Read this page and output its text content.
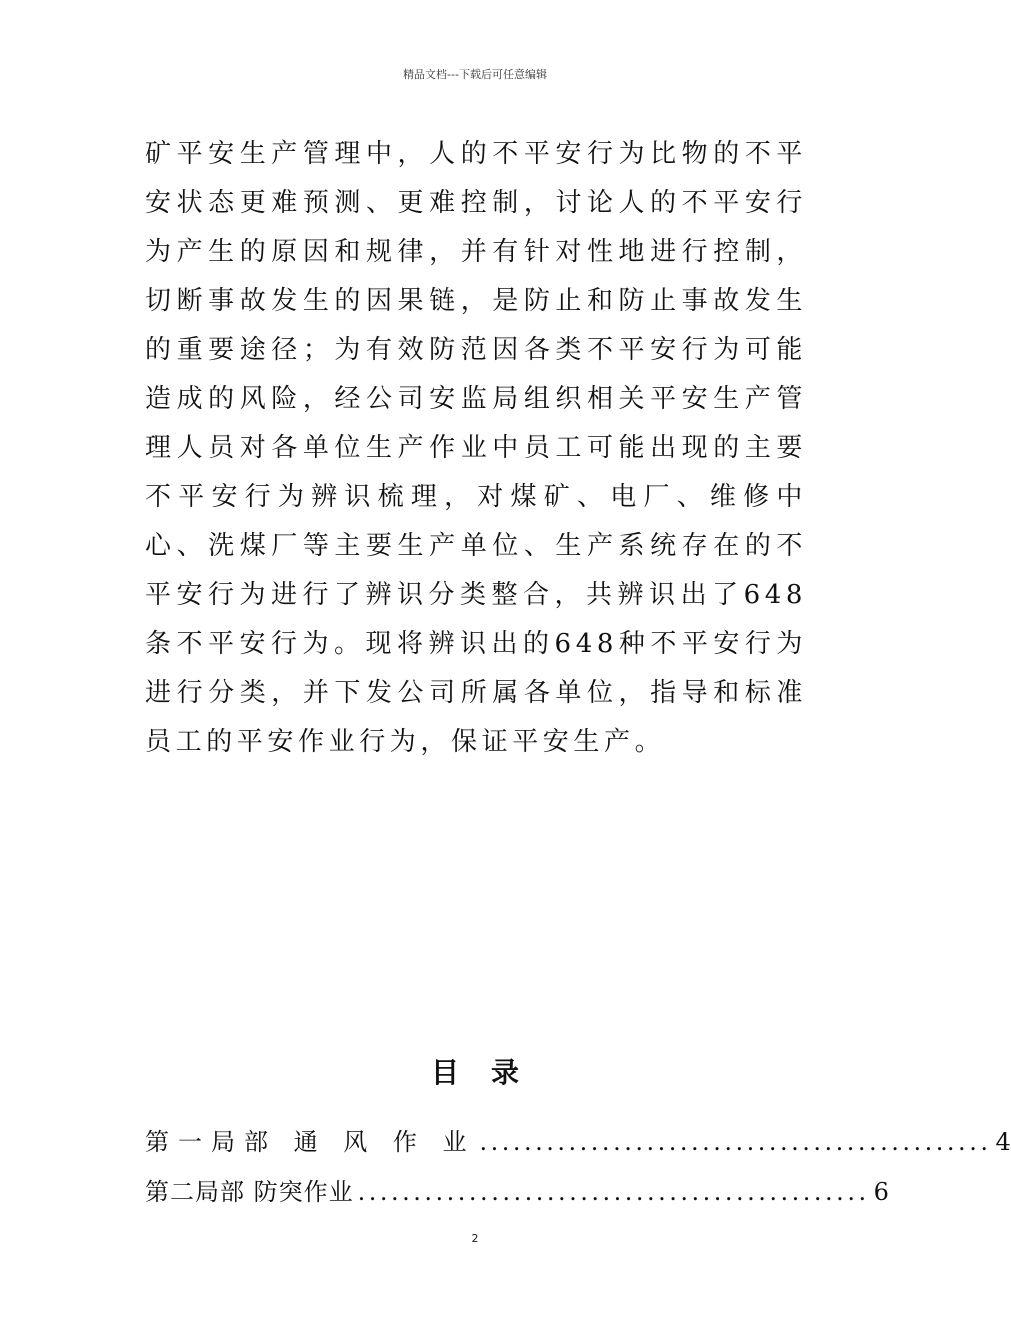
精品文档---下载后可任意编辑

矿平安生产管理中，人的不平安行为比物的不平安状态更难预测、更难控制，讨论人的不平安行为产生的原因和规律，并有针对性地进行控制，切断事故发生的因果链，是防止和防止事故发生的重要途径；为有效防范因各类不平安行为可能造成的风险，经公司安监局组织相关平安生产管理人员对各单位生产作业中员工可能出现的主要不平安行为辨识梳理，对煤矿、电厂、维修中心、洗煤厂等主要生产单位、生产系统存在的不平安行为进行了辨识分类整合，共辨识出了648条不平安行为。现将辨识出的648种不平安行为进行分类，并下发公司所属各单位，指导和标准员工的平安作业行为，保证平安生产。

目录
第一局部 通 风 作 业 .............................................. 4
第二局部 防突作业 .............................................. 6
2
